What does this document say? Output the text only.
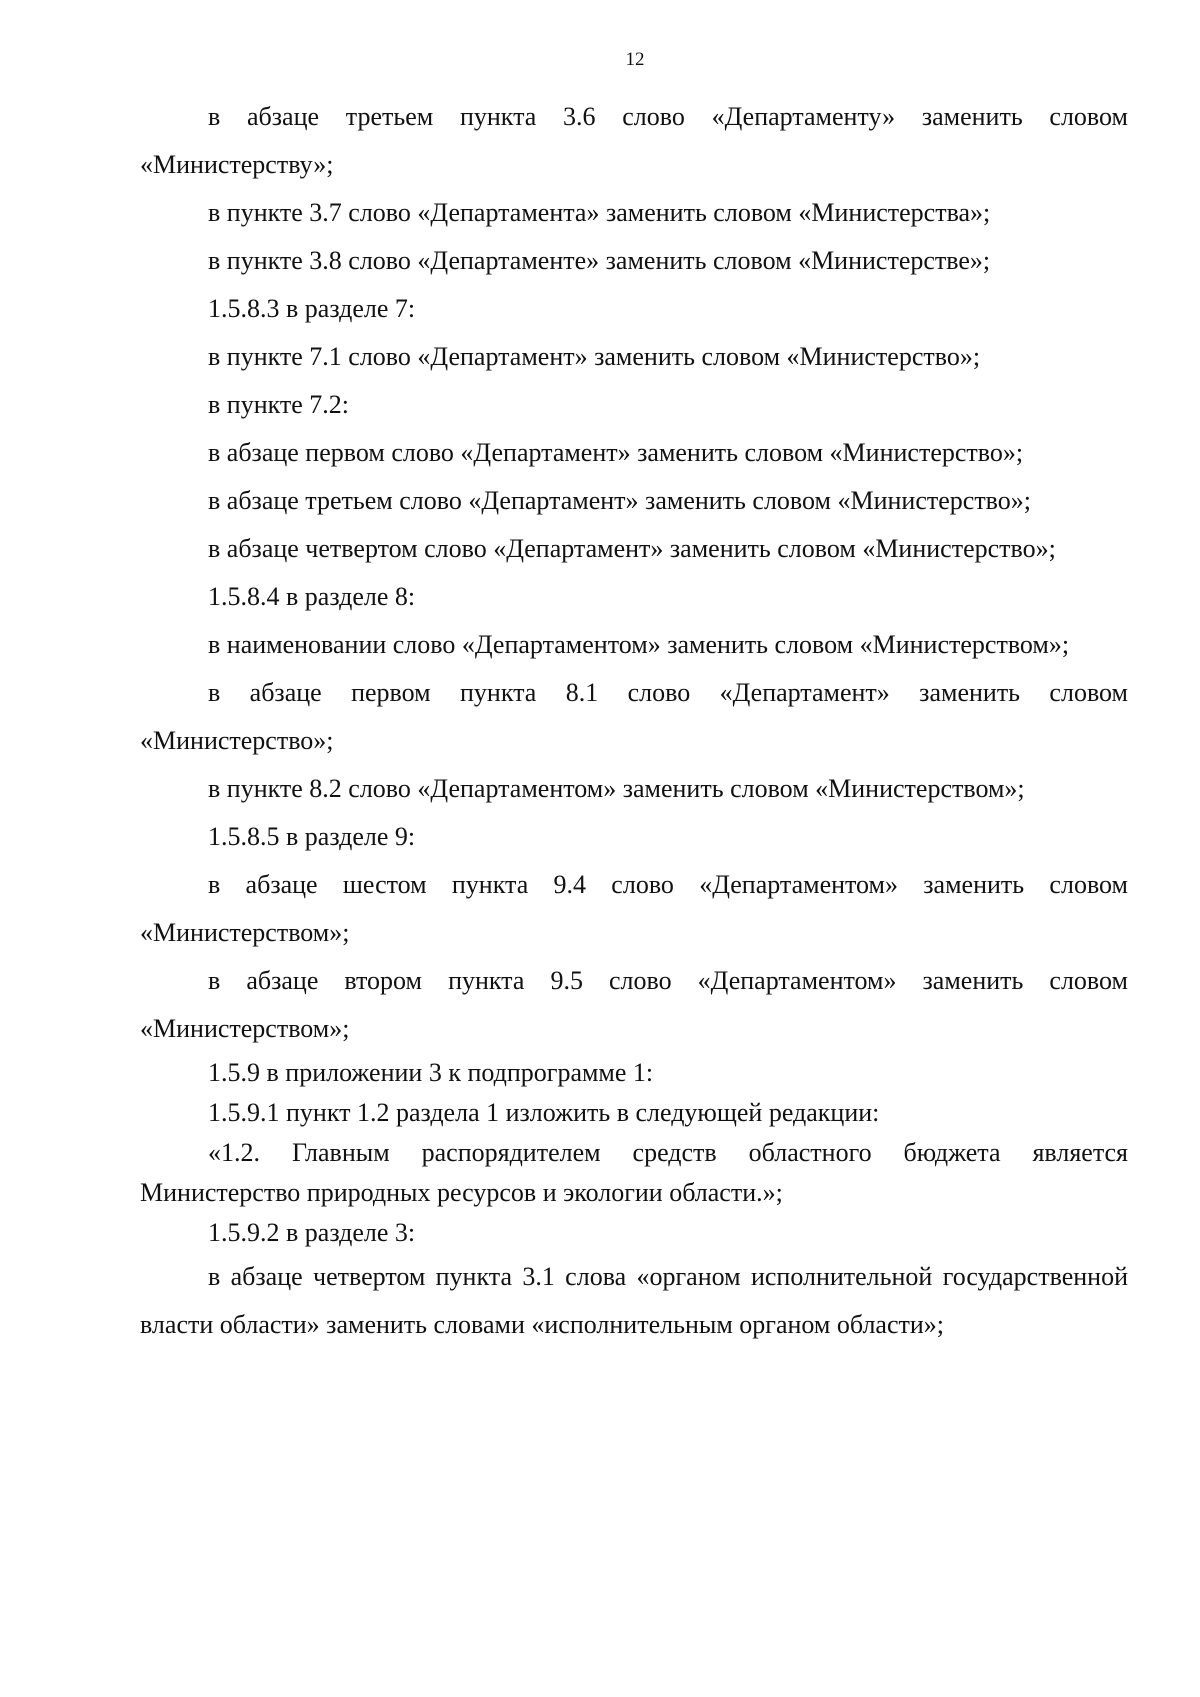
12

в абзаце третьем пункта 3.6 слово «Департаменту» заменить словом «Министерству»;

в пункте 3.7 слово «Департамента» заменить словом «Министерства»;

в пункте 3.8 слово «Департаменте» заменить словом «Министерстве»;

1.5.8.3 в разделе 7:

в пункте 7.1 слово «Департамент» заменить словом «Министерство»;

в пункте 7.2:

в абзаце первом слово «Департамент» заменить словом «Министерство»;

в абзаце третьем слово «Департамент» заменить словом «Министерство»;

в абзаце четвертом слово «Департамент» заменить словом «Министерство»;

1.5.8.4 в разделе 8:

в наименовании слово «Департаментом» заменить словом «Министерством»;

в абзаце первом пункта 8.1 слово «Департамент» заменить словом «Министерство»;

в пункте 8.2 слово «Департаментом» заменить словом «Министерством»;

1.5.8.5 в разделе 9:

в абзаце шестом пункта 9.4 слово «Департаментом» заменить словом «Министерством»;

в абзаце втором пункта 9.5 слово «Департаментом» заменить словом «Министерством»;

1.5.9 в приложении 3 к подпрограмме 1:

1.5.9.1 пункт 1.2 раздела 1 изложить в следующей редакции:

«1.2. Главным распорядителем средств областного бюджета является Министерство природных ресурсов и экологии области.»;

1.5.9.2 в разделе 3:

в абзаце четвертом пункта 3.1 слова «органом исполнительной государственной власти области» заменить словами «исполнительным органом области»;
